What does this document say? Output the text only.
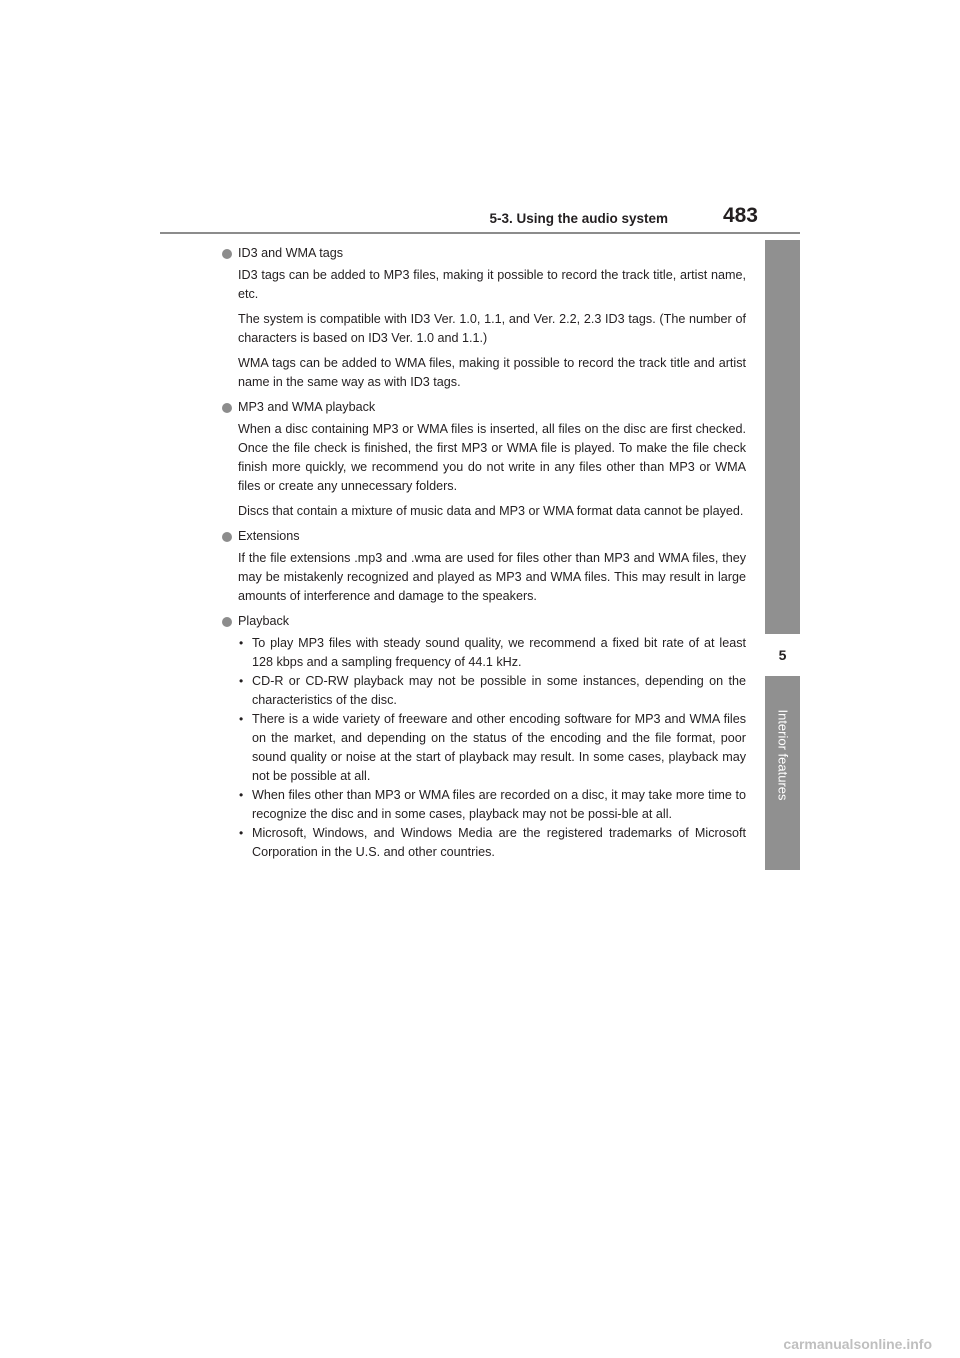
5-3. Using the audio system	483
5
Interior features
ID3 and WMA tags

ID3 tags can be added to MP3 files, making it possible to record the track title, artist name, etc.

The system is compatible with ID3 Ver. 1.0, 1.1, and Ver. 2.2, 2.3 ID3 tags. (The number of characters is based on ID3 Ver. 1.0 and 1.1.)

WMA tags can be added to WMA files, making it possible to record the track title and artist name in the same way as with ID3 tags.

MP3 and WMA playback

When a disc containing MP3 or WMA files is inserted, all files on the disc are first checked. Once the file check is finished, the first MP3 or WMA file is played. To make the file check finish more quickly, we recommend you do not write in any files other than MP3 or WMA files or create any unnecessary folders.

Discs that contain a mixture of music data and MP3 or WMA format data cannot be played.

Extensions

If the file extensions .mp3 and .wma are used for files other than MP3 and WMA files, they may be mistakenly recognized and played as MP3 and WMA files. This may result in large amounts of interference and damage to the speakers.

Playback
• To play MP3 files with steady sound quality, we recommend a fixed bit rate of at least 128 kbps and a sampling frequency of 44.1 kHz.
• CD-R or CD-RW playback may not be possible in some instances, depending on the characteristics of the disc.
• There is a wide variety of freeware and other encoding software for MP3 and WMA files on the market, and depending on the status of the encoding and the file format, poor sound quality or noise at the start of playback may result. In some cases, playback may not be possible at all.
• When files other than MP3 or WMA files are recorded on a disc, it may take more time to recognize the disc and in some cases, playback may not be possi-ble at all.
• Microsoft, Windows, and Windows Media are the registered trademarks of Microsoft Corporation in the U.S. and other countries.
carmanualsonline.info
